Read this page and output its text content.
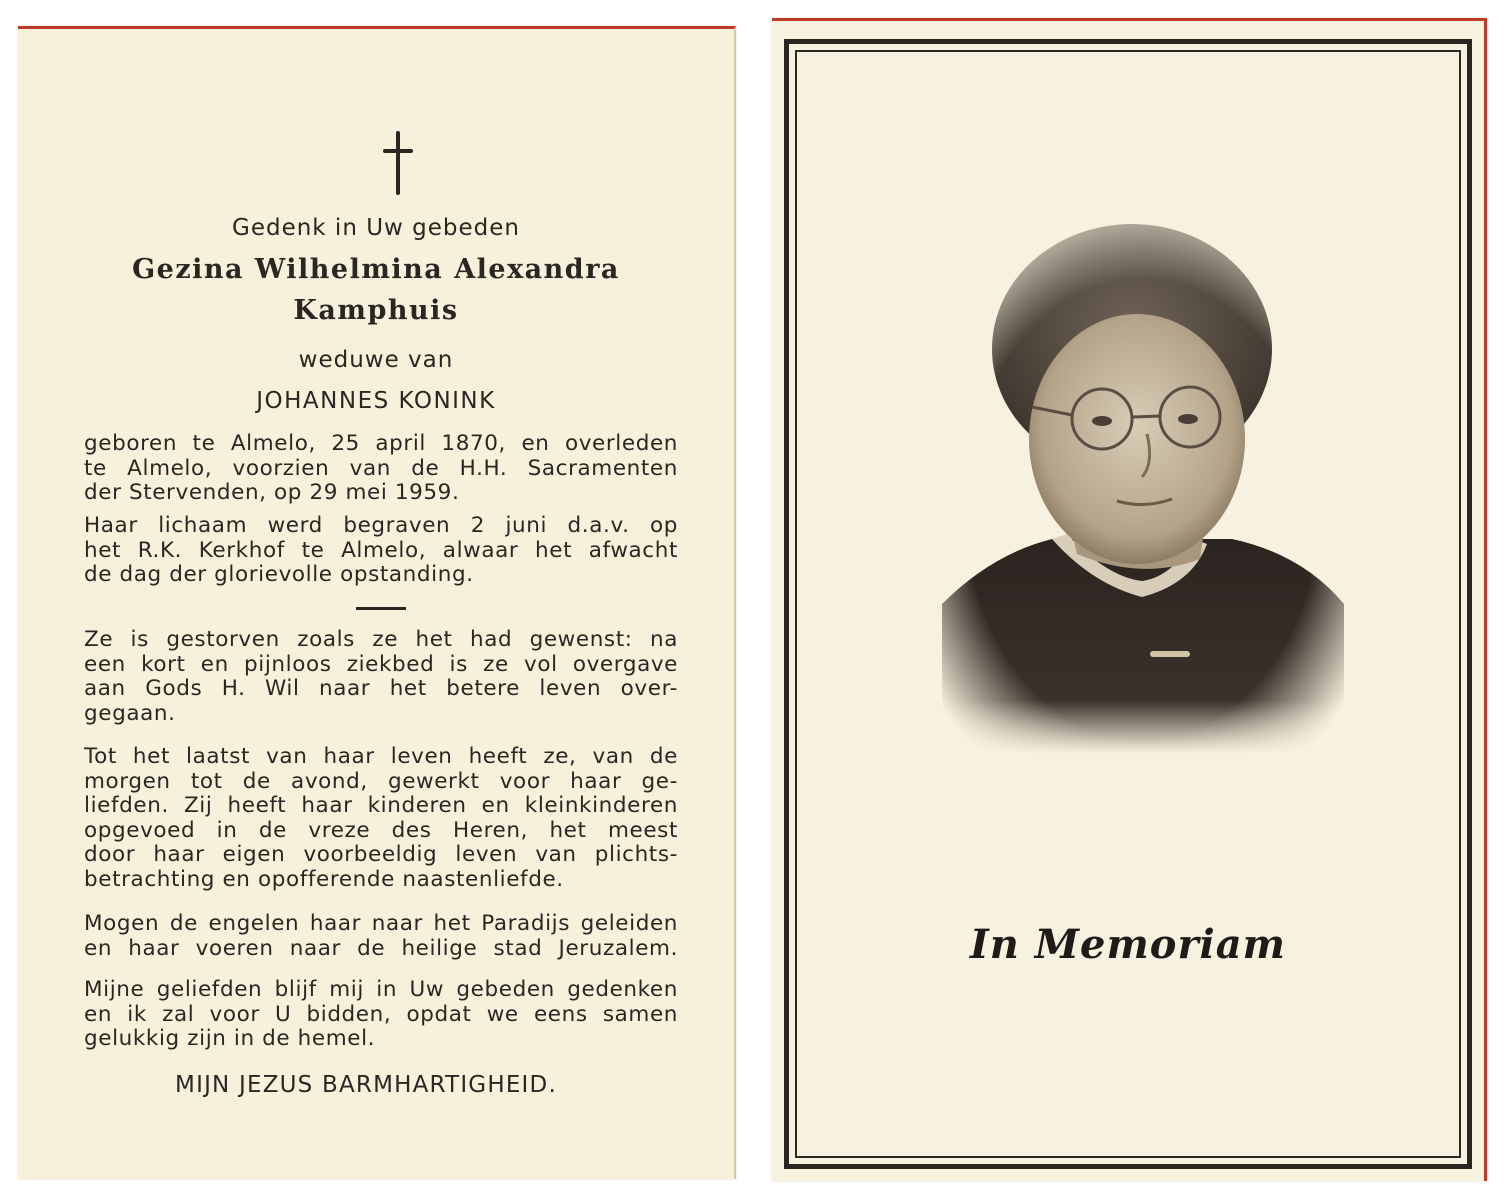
Gedenk in Uw gebeden
Gezina Wilhelmina Alexandra
Kamphuis
weduwe van
JOHANNES KONINK
geboren te Almelo, 25 april 1870, en overleden
te Almelo, voorzien van de H.H. Sacramenten
der Stervenden, op 29 mei 1959.
Haar lichaam werd begraven 2 juni d.a.v. op
het R.K. Kerkhof te Almelo, alwaar het afwacht
de dag der glorievolle opstanding.
Ze is gestorven zoals ze het had gewenst: na
een kort en pijnloos ziekbed is ze vol overgave
aan Gods H. Wil naar het betere leven over-
gegaan.
Tot het laatst van haar leven heeft ze, van de
morgen tot de avond, gewerkt voor haar ge-
liefden. Zij heeft haar kinderen en kleinkinderen
opgevoed in de vreze des Heren, het meest
door haar eigen voorbeeldig leven van plichts-
betrachting en opofferende naastenliefde.
Mogen de engelen haar naar het Paradijs geleiden
en haar voeren naar de heilige stad Jeruzalem.
Mijne geliefden blijf mij in Uw gebeden gedenken
en ik zal voor U bidden, opdat we eens samen
gelukkig zijn in de hemel.
MIJN JEZUS BARMHARTIGHEID.
In Memoriam
